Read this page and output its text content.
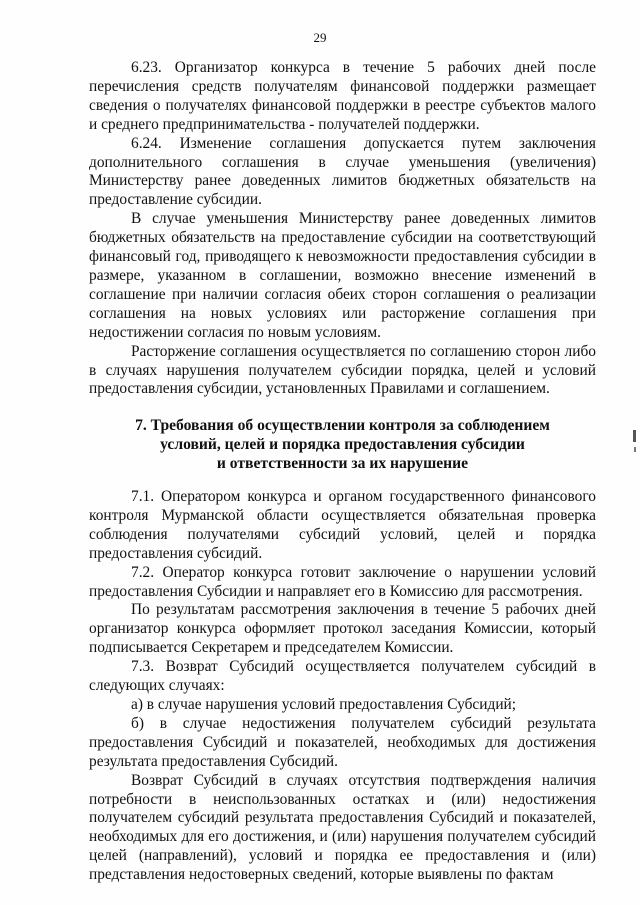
29

6.23. Организатор конкурса в течение 5 рабочих дней после перечисления средств получателям финансовой поддержки размещает сведения о получателях финансовой поддержки в реестре субъектов малого и среднего предпринимательства - получателей поддержки.

6.24. Изменение соглашения допускается путем заключения дополнительного соглашения в случае уменьшения (увеличения) Министерству ранее доведенных лимитов бюджетных обязательств на предоставление субсидии.

В случае уменьшения Министерству ранее доведенных лимитов бюджетных обязательств на предоставление субсидии на соответствующий финансовый год, приводящего к невозможности предоставления субсидии в размере, указанном в соглашении, возможно внесение изменений в соглашение при наличии согласия обеих сторон соглашения о реализации соглашения на новых условиях или расторжение соглашения при недостижении согласия по новым условиям.

Расторжение соглашения осуществляется по соглашению сторон либо в случаях нарушения получателем субсидии порядка, целей и условий предоставления субсидии, установленных Правилами и соглашением.

7. Требования об осуществлении контроля за соблюдением
условий, целей и порядка предоставления субсидии
и ответственности за их нарушение

7.1. Оператором конкурса и органом государственного финансового контроля Мурманской области осуществляется обязательная проверка соблюдения получателями субсидий условий, целей и порядка предоставления субсидий.

7.2. Оператор конкурса готовит заключение о нарушении условий предоставления Субсидии и направляет его в Комиссию для рассмотрения.

По результатам рассмотрения заключения в течение 5 рабочих дней организатор конкурса оформляет протокол заседания Комиссии, который подписывается Секретарем и председателем Комиссии.

7.3. Возврат Субсидий осуществляется получателем субсидий в следующих случаях:

а) в случае нарушения условий предоставления Субсидий;

б) в случае недостижения получателем субсидий результата предоставления Субсидий и показателей, необходимых для достижения результата предоставления Субсидий.

Возврат Субсидий в случаях отсутствия подтверждения наличия потребности в неиспользованных остатках и (или) недостижения получателем субсидий результата предоставления Субсидий и показателей, необходимых для его достижения, и (или) нарушения получателем субсидий целей (направлений), условий и порядка ее предоставления и (или) представления недостоверных сведений, которые выявлены по фактам
